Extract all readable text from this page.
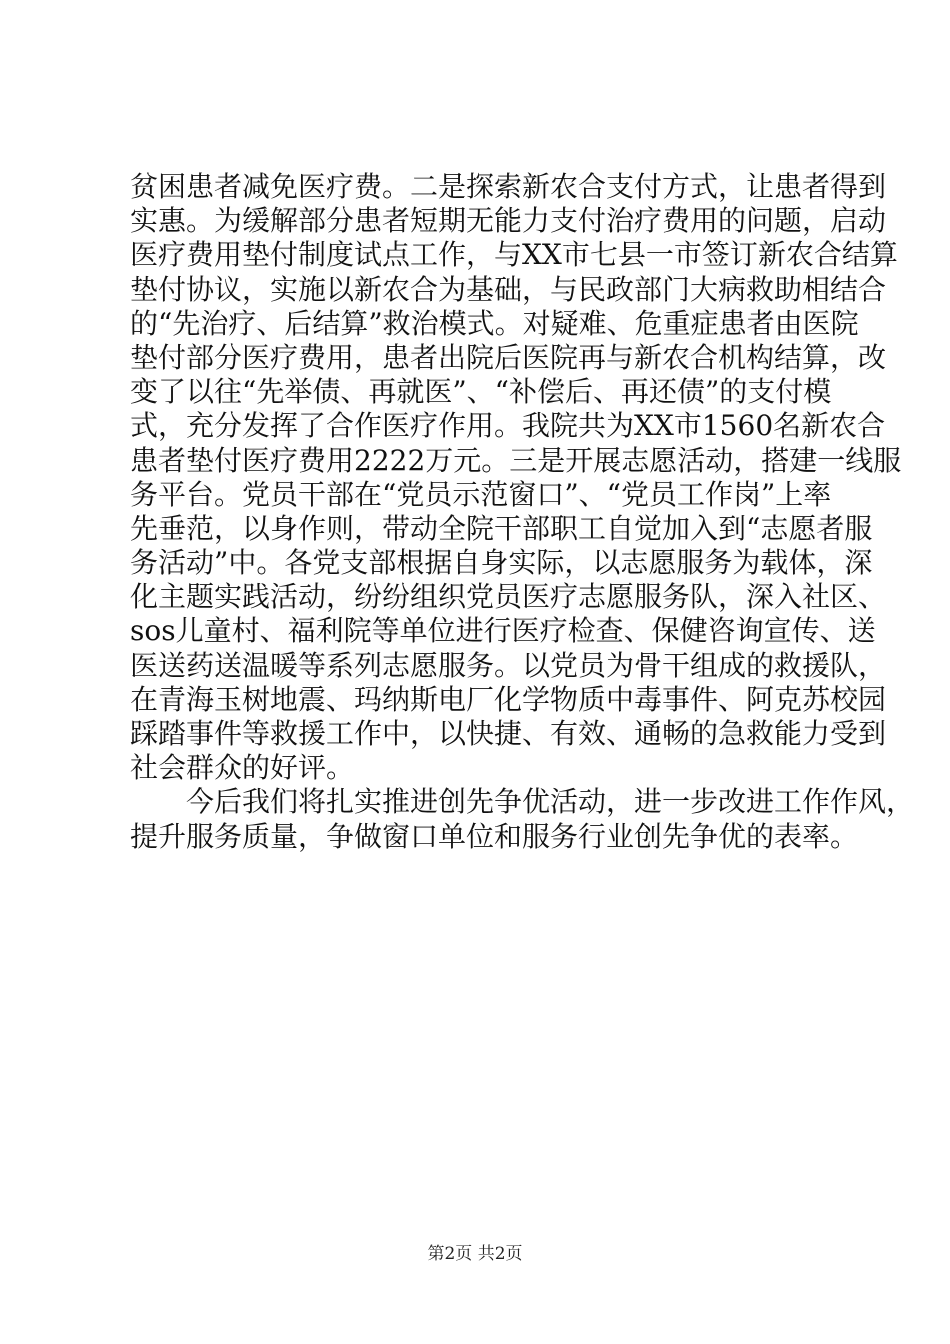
贫困患者减免医疗费。二是探索新农合支付方式，让患者得到
实惠。为缓解部分患者短期无能力支付治疗费用的问题，启动
医疗费用垫付制度试点工作，与XX市七县一市签订新农合结算
垫付协议，实施以新农合为基础，与民政部门大病救助相结合
的“先治疗、后结算”救治模式。对疑难、危重症患者由医院
垫付部分医疗费用，患者出院后医院再与新农合机构结算，改
变了以往“先举债、再就医”、“补偿后、再还债”的支付模
式，充分发挥了合作医疗作用。我院共为XX市1560名新农合
患者垫付医疗费用2222万元。三是开展志愿活动，搭建一线服
务平台。党员干部在“党员示范窗口”、“党员工作岗”上率
先垂范，以身作则，带动全院干部职工自觉加入到“志愿者服
务活动”中。各党支部根据自身实际，以志愿服务为载体，深
化主题实践活动，纷纷组织党员医疗志愿服务队，深入社区、
sos儿童村、福利院等单位进行医疗检查、保健咨询宣传、送
医送药送温暖等系列志愿服务。以党员为骨干组成的救援队，
在青海玉树地震、玛纳斯电厂化学物质中毒事件、阿克苏校园
踩踏事件等救援工作中，以快捷、有效、通畅的急救能力受到
社会群众的好评。
今后我们将扎实推进创先争优活动，进一步改进工作作风，
提升服务质量，争做窗口单位和服务行业创先争优的表率。
第2页 共2页
